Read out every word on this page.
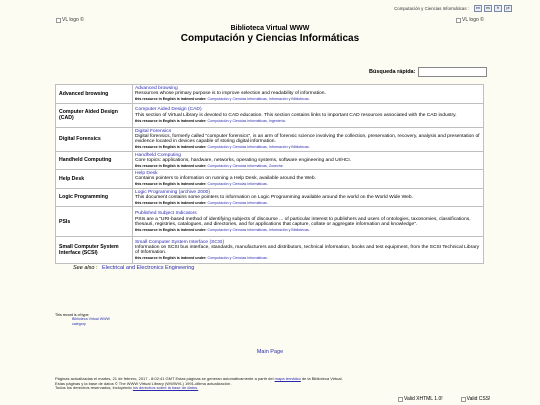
Computación y Ciencias Informáticas :	en	es	fr	pt
VL logo ©	VL logo ©
Biblioteca Virtual WWW
Computación y Ciencias Informáticas
Búsqueda rápida:
Advanced browsing	Advanced browsing
Resources whose primary purpose is to improve selection and readability of information.
this resource in English is indexed under: Computación y Ciencias Informáticas, Información y Bibliotecas.

Computer Aided Design (CAD)	Computer Aided Design (CAD)
This section of Virtual Library is devoted to CAD education. This section contains links to important CAD resources associated with the CAD industry.
this resource in English is indexed under: Computación y Ciencias Informáticas, Ingeniería.

Digital Forensics	Digital Forensics
Digital forensics, formerly called "computer forensics", is an arm of forensic science involving the collection, preservation, recovery, analysis and presentation of evidence located in devices capable of storing digital information.
this resource in English is indexed under: Computación y Ciencias Informáticas, Información y Bibliotecas.

Handheld Computing	Handheld Computing
Core topics: applications, hardware, networks, operating systems, software engineering and UI/HCI.
this resource in English is indexed under: Computación y Ciencias Informáticas, Zoneche.

Help Desk	Help Desk
Contains pointers to information on running a Help Desk, available around the Web.
this resource in English is indexed under: Computación y Ciencias Informáticas.

Logic Programming	Logic Programming (archive 2000)
This document contains some pointers to information on Logic Programming available around the world on the World Wide Web.
this resource in English is indexed under: Computación y Ciencias Informáticas.

PSIs	Published Subject Indicators
PSIs are a "URI-based method of identifying subjects of discourse ... of particular interest to publishers and users of ontologies, taxonomies, classifications, thesauri, registries, catalogues, and directories, and for applications that capture, collate or aggregate information and knowledge".
this resource in English is indexed under: Computación y Ciencias Informáticas, Información y Bibliotecas.

Small Computer System Interface (SCSI)	Small Computer System Interface (SCSI)
Information on SCSI bus interface, standards, manufacturers and distributors, technical information, books and test equipment, from the SCSI Technical Library of Information.
this resource in English is indexed under: Computación y Ciencias Informáticas.
See also : Electrical and Electronics Engineering
This record is of type:
Biblioteca Virtual WWW
category
Main Page
Páginas actualizadas el martes, 21 de febrero, 2017 - 8:02:41 GMT Estas páginas se generan automáticamente a partir del mapa temático de la Biblioteca Virtual.
Estas páginas y la base de datos © The WWW Virtual Library (WWWVL) 1991-última actualización .
Todos los derechos reservados, incluyendo los derechos sobre la base de datos.
Valid XHTML 1.0!	Valid CSS!
